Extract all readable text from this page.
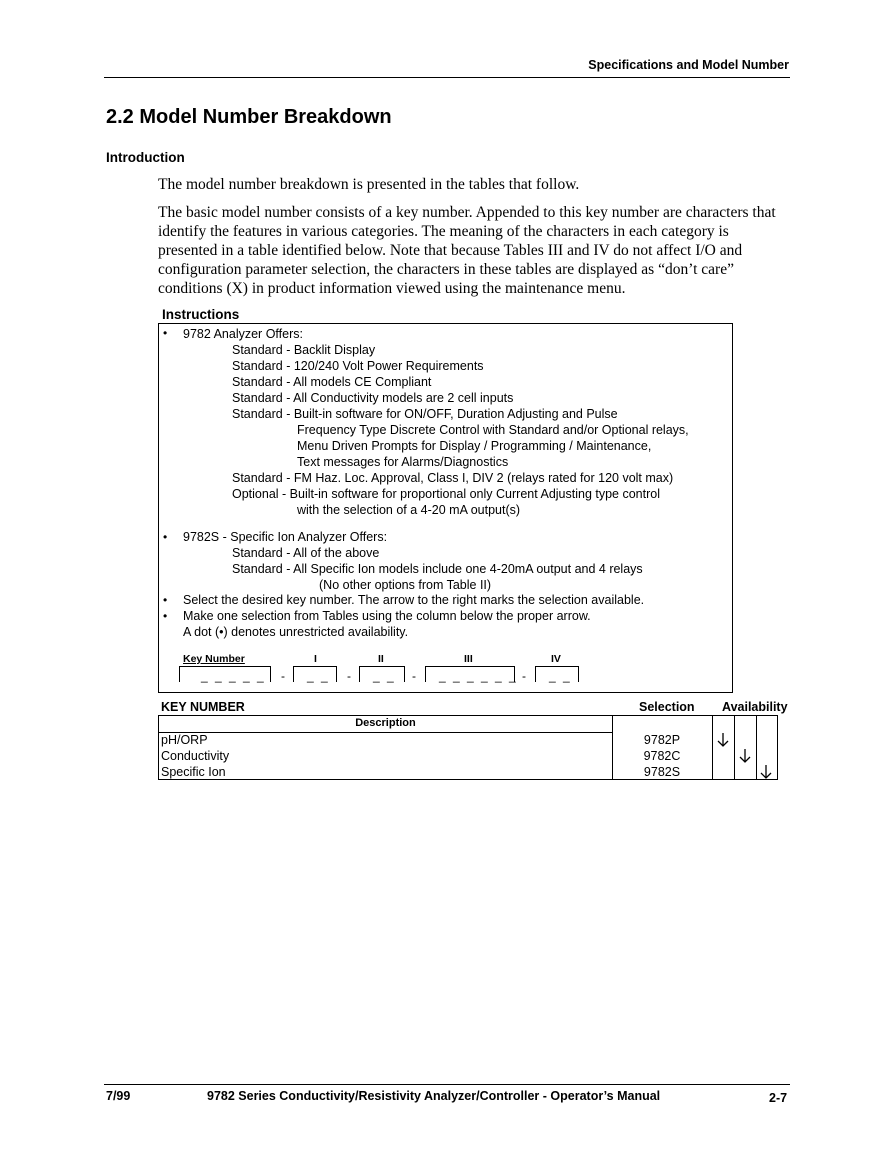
Specifications and Model Number
2.2 Model Number Breakdown
Introduction

The model number breakdown is presented in the tables that follow.

The basic model number consists of a key number. Appended to this key number are characters that identify the features in various categories. The meaning of the characters in each category is presented in a table identified below. Note that because Tables III and IV do not affect I/O and configuration parameter selection, the characters in these tables are displayed as “don’t care” conditions (X) in product information viewed using the maintenance menu.

Instructions
• 9782 Analyzer Offers:
Standard - Backlit Display
Standard - 120/240 Volt Power Requirements
Standard - All models CE Compliant
Standard - All Conductivity models are 2 cell inputs
Standard - Built-in software for ON/OFF, Duration Adjusting and Pulse
Frequency Type Discrete Control with Standard and/or Optional relays,
Menu Driven Prompts for Display / Programming / Maintenance,
Text messages for Alarms/Diagnostics
Standard - FM Haz. Loc. Approval, Class I, DIV 2 (relays rated for 120 volt max)
Optional - Built-in software for proportional only Current Adjusting type control
with the selection of a 4-20 mA output(s)
• 9782S - Specific Ion Analyzer Offers:
Standard - All of the above
Standard - All Specific Ion models include one 4-20mA output and 4 relays
(No other options from Table II)
• Select the desired key number. The arrow to the right marks the selection available.
• Make one selection from Tables using the column below the proper arrow.
A dot (•) denotes unrestricted availability.
Key Number	I	II	III	IV
_ _ _ _ _ - _ _ - _ _ - _ _ _ _ _ _ - _ _
KEY NUMBER	Selection Availability
Description
pH/ORP	9782P
Conductivity	9782C
Specific Ion	9782S
7/99	9782 Series Conductivity/Resistivity Analyzer/Controller - Operator’s Manual	2-7
